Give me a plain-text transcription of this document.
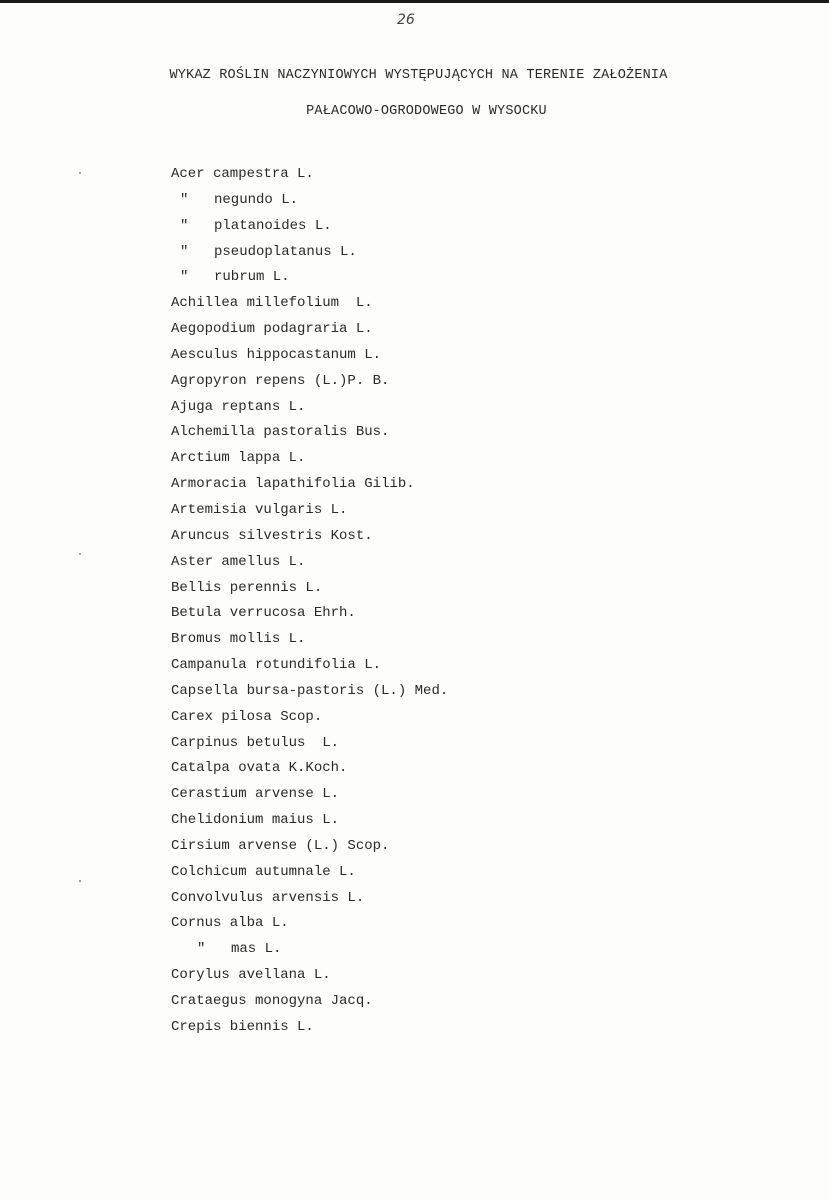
26
WYKAZ ROŚLIN NACZYNIOWYCH WYSTĘPUJĄCYCH NA TERENIE ZAŁOŻENIA
PAŁACOWO-OGRODOWEGO W WYSOCKU
Acer campestra L.
" negundo L.
" platanoides L.
" pseudoplatanus L.
" rubrum L.
Achillea millefolium  L.
Aegopodium podagraria L.
Aesculus hippocastanum L.
Agropyron repens (L.)P. B.
Ajuga reptans L.
Alchemilla pastoralis Bus.
Arctium lappa L.
Armoracia lapathifolia Gilib.
Artemisia vulgaris L.
Aruncus silvestris Kost.
Aster amellus L.
Bellis perennis L.
Betula verrucosa Ehrh.
Bromus mollis L.
Campanula rotundifolia L.
Capsella bursa-pastoris (L.) Med.
Carex pilosa Scop.
Carpinus betulus  L.
Catalpa ovata K.Koch.
Cerastium arvense L.
Chelidonium maius L.
Cirsium arvense (L.) Scop.
Colchicum autumnale L.
Convolvulus arvensis L.
Cornus alba L.
" mas L.
Corylus avellana L.
Crataegus monogyna Jacq.
Crepis biennis L.
